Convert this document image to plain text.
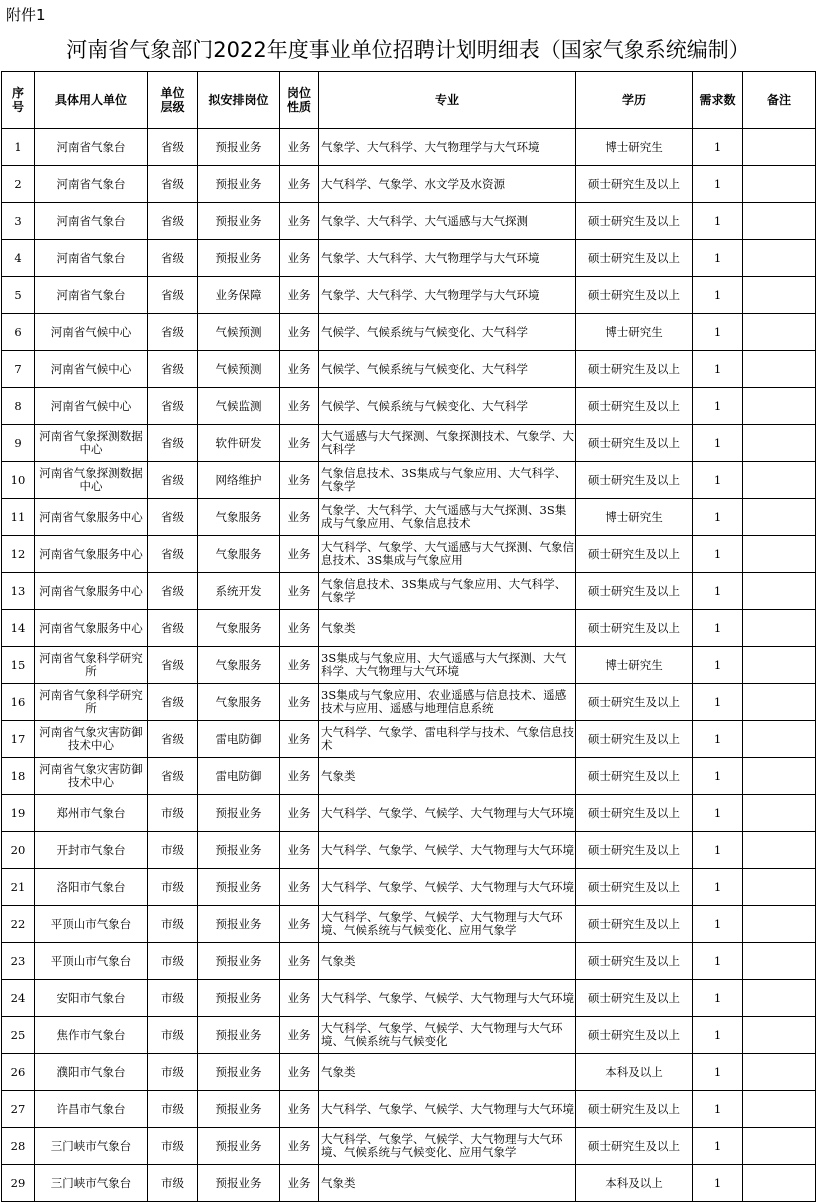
附件1
河南省气象部门2022年度事业单位招聘计划明细表（国家气象系统编制）
序号	具体用人单位	单位层级	拟安排岗位	岗位性质	专业	学历	需求数	备注
1	河南省气象台	省级	预报业务	业务	气象学、大气科学、大气物理学与大气环境	博士研究生	1	
2	河南省气象台	省级	预报业务	业务	大气科学、气象学、水文学及水资源	硕士研究生及以上	1	
3	河南省气象台	省级	预报业务	业务	气象学、大气科学、大气遥感与大气探测	硕士研究生及以上	1	
4	河南省气象台	省级	预报业务	业务	气象学、大气科学、大气物理学与大气环境	硕士研究生及以上	1	
5	河南省气象台	省级	业务保障	业务	气象学、大气科学、大气物理学与大气环境	硕士研究生及以上	1	
6	河南省气候中心	省级	气候预测	业务	气候学、气候系统与气候变化、大气科学	博士研究生	1	
7	河南省气候中心	省级	气候预测	业务	气候学、气候系统与气候变化、大气科学	硕士研究生及以上	1	
8	河南省气候中心	省级	气候监测	业务	气候学、气候系统与气候变化、大气科学	硕士研究生及以上	1	
9	河南省气象探测数据中心	省级	软件研发	业务	大气遥感与大气探测、气象探测技术、气象学、大气科学	硕士研究生及以上	1	
10	河南省气象探测数据中心	省级	网络维护	业务	气象信息技术、3S集成与气象应用、大气科学、气象学	硕士研究生及以上	1	
11	河南省气象服务中心	省级	气象服务	业务	气象学、大气科学、大气遥感与大气探测、3S集成与气象应用、气象信息技术	博士研究生	1	
12	河南省气象服务中心	省级	气象服务	业务	大气科学、气象学、大气遥感与大气探测、气象信息技术、3S集成与气象应用	硕士研究生及以上	1	
13	河南省气象服务中心	省级	系统开发	业务	气象信息技术、3S集成与气象应用、大气科学、气象学	硕士研究生及以上	1	
14	河南省气象服务中心	省级	气象服务	业务	气象类	硕士研究生及以上	1	
15	河南省气象科学研究所	省级	气象服务	业务	3S集成与气象应用、大气遥感与大气探测、大气科学、大气物理与大气环境	博士研究生	1	
16	河南省气象科学研究所	省级	气象服务	业务	3S集成与气象应用、农业遥感与信息技术、遥感技术与应用、遥感与地理信息系统	硕士研究生及以上	1	
17	河南省气象灾害防御技术中心	省级	雷电防御	业务	大气科学、气象学、雷电科学与技术、气象信息技术	硕士研究生及以上	1	
18	河南省气象灾害防御技术中心	省级	雷电防御	业务	气象类	硕士研究生及以上	1	
19	郑州市气象台	市级	预报业务	业务	大气科学、气象学、气候学、大气物理与大气环境	硕士研究生及以上	1	
20	开封市气象台	市级	预报业务	业务	大气科学、气象学、气候学、大气物理与大气环境	硕士研究生及以上	1	
21	洛阳市气象台	市级	预报业务	业务	大气科学、气象学、气候学、大气物理与大气环境	硕士研究生及以上	1	
22	平顶山市气象台	市级	预报业务	业务	大气科学、气象学、气候学、大气物理与大气环境、气候系统与气候变化、应用气象学	硕士研究生及以上	1	
23	平顶山市气象台	市级	预报业务	业务	气象类	硕士研究生及以上	1	
24	安阳市气象台	市级	预报业务	业务	大气科学、气象学、气候学、大气物理与大气环境	硕士研究生及以上	1	
25	焦作市气象台	市级	预报业务	业务	大气科学、气象学、气候学、大气物理与大气环境、气候系统与气候变化	硕士研究生及以上	1	
26	濮阳市气象台	市级	预报业务	业务	气象类	本科及以上	1	
27	许昌市气象台	市级	预报业务	业务	大气科学、气象学、气候学、大气物理与大气环境	硕士研究生及以上	1	
28	三门峡市气象台	市级	预报业务	业务	大气科学、气象学、气候学、大气物理与大气环境、气候系统与气候变化、应用气象学	硕士研究生及以上	1	
29	三门峡市气象台	市级	预报业务	业务	气象类	本科及以上	1	
